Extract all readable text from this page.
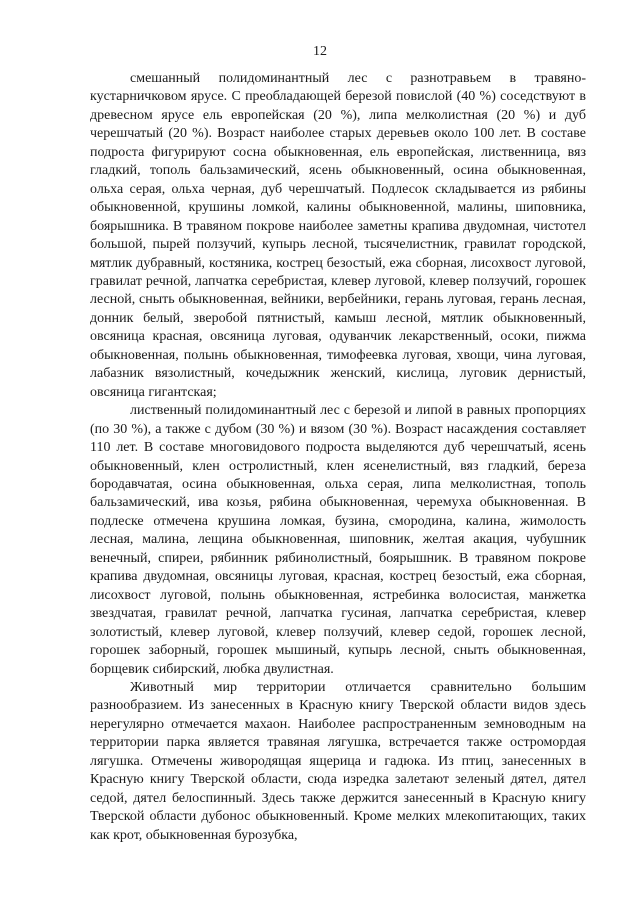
12

смешанный полидоминантный лес с разнотравьем в травяно-кустарничковом ярусе. С преобладающей березой повислой (40 %) соседствуют в древесном ярусе ель европейская (20 %), липа мелколистная (20 %) и дуб черешчатый (20 %). Возраст наиболее старых деревьев около 100 лет. В составе подроста фигурируют сосна обыкновенная, ель европейская, лиственница, вяз гладкий, тополь бальзамический, ясень обыкновенный, осина обыкновенная, ольха серая, ольха черная, дуб черешчатый. Подлесок складывается из рябины обыкновенной, крушины ломкой, калины обыкновенной, малины, шиповника, боярышника. В травяном покрове наиболее заметны крапива двудомная, чистотел большой, пырей ползучий, купырь лесной, тысячелистник, гравилат городской, мятлик дубравный, костяника, кострец безостый, ежа сборная, лисохвост луговой, гравилат речной, лапчатка серебристая, клевер луговой, клевер ползучий, горошек лесной, сныть обыкновенная, вейники, вербейники, герань луговая, герань лесная, донник белый, зверобой пятнистый, камыш лесной, мятлик обыкновенный, овсяница красная, овсяница луговая, одуванчик лекарственный, осоки, пижма обыкновенная, полынь обыкновенная, тимофеевка луговая, хвощи, чина луговая, лабазник вязолистный, кочедыжник женский, кислица, луговик дернистый, овсяница гигантская;

лиственный полидоминантный лес с березой и липой в равных пропорциях (по 30 %), а также с дубом (30 %) и вязом (30 %). Возраст насаждения составляет 110 лет. В составе многовидового подроста выделяются дуб черешчатый, ясень обыкновенный, клен остролистный, клен ясенелистный, вяз гладкий, береза бородавчатая, осина обыкновенная, ольха серая, липа мелколистная, тополь бальзамический, ива козья, рябина обыкновенная, черемуха обыкновенная. В подлеске отмечена крушина ломкая, бузина, смородина, калина, жимолость лесная, малина, лещина обыкновенная, шиповник, желтая акация, чубушник венечный, спиреи, рябинник рябинолистный, боярышник. В травяном покрове крапива двудомная, овсяницы луговая, красная, кострец безостый, ежа сборная, лисохвост луговой, полынь обыкновенная, ястребинка волосистая, манжетка звездчатая, гравилат речной, лапчатка гусиная, лапчатка серебристая, клевер золотистый, клевер луговой, клевер ползучий, клевер седой, горошек лесной, горошек заборный, горошек мышиный, купырь лесной, сныть обыкновенная, борщевик сибирский, любка двулистная.

Животный мир территории отличается сравнительно большим разнообразием. Из занесенных в Красную книгу Тверской области видов здесь нерегулярно отмечается махаон. Наиболее распространенным земноводным на территории парка является травяная лягушка, встречается также остромордая лягушка. Отмечены живородящая ящерица и гадюка. Из птиц, занесенных в Красную книгу Тверской области, сюда изредка залетают зеленый дятел, дятел седой, дятел белоспинный. Здесь также держится занесенный в Красную книгу Тверской области дубонос обыкновенный. Кроме мелких млекопитающих, таких как крот, обыкновенная бурозубка,
